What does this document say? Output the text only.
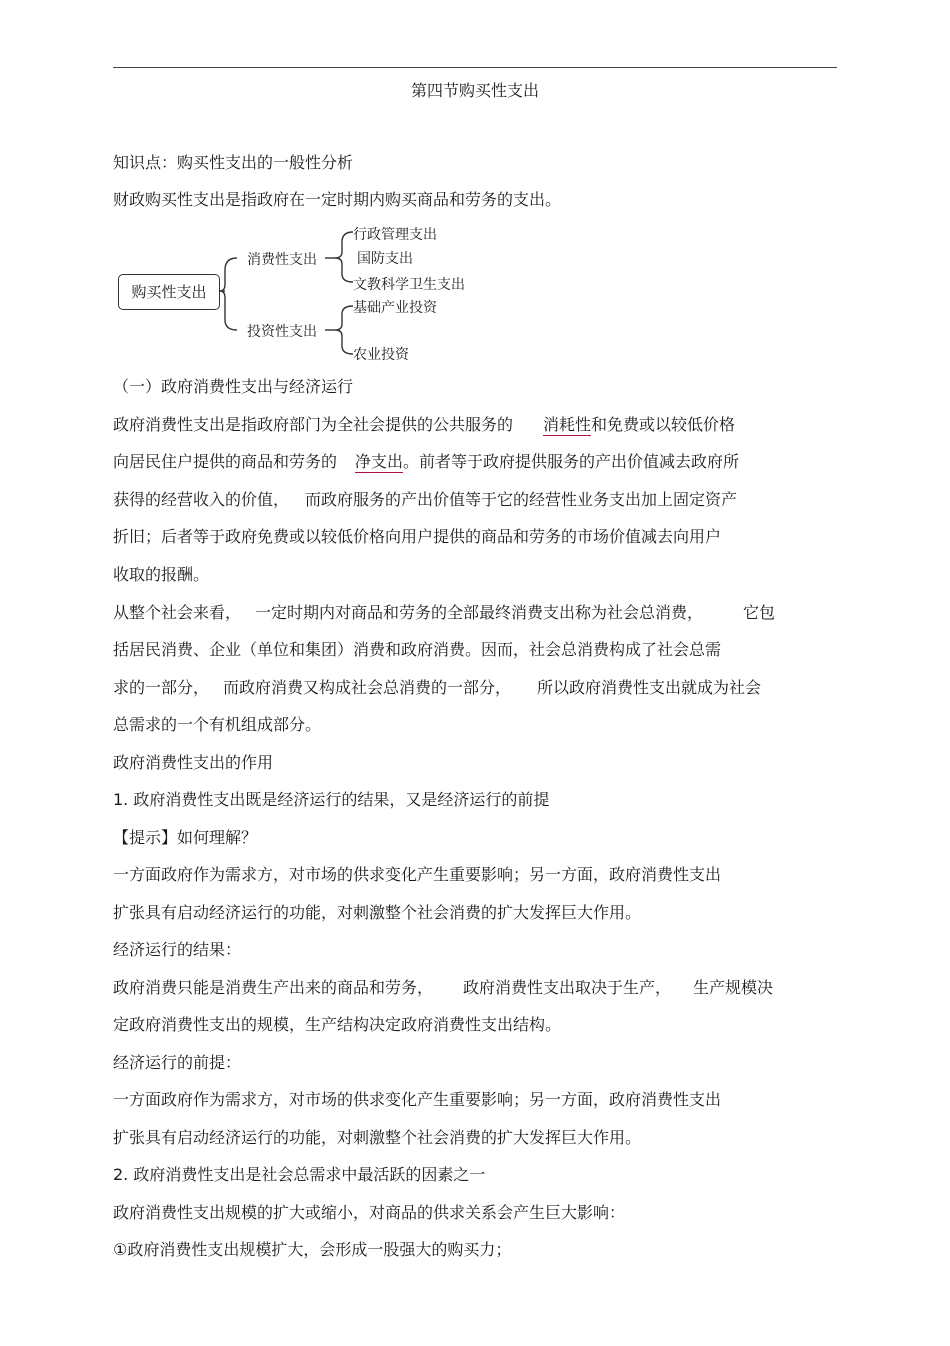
第四节购买性支出
知识点：购买性支出的一般性分析
财政购买性支出是指政府在一定时期内购买商品和劳务的支出。
购买性支出
消费性支出
行政管理支出
国防支出
文教科学卫生支出
投资性支出
基础产业投资
农业投资
（一）政府消费性支出与经济运行
政府消费性支出是指政府部门为全社会提供的公共服务的 消耗性和免费或以较低价格
向居民住户提供的商品和劳务的 净支出。前者等于政府提供服务的产出价值减去政府所
获得的经营收入的价值， 而政府服务的产出价值等于它的经营性业务支出加上固定资产
折旧；后者等于政府免费或以较低价格向用户提供的商品和劳务的市场价值减去向用户
收取的报酬。
从整个社会来看， 一定时期内对商品和劳务的全部最终消费支出称为社会总消费，	它包
括居民消费、企业（单位和集团）消费和政府消费。因而，社会总消费构成了社会总需
求的一部分， 而政府消费又构成社会总消费的一部分， 所以政府消费性支出就成为社会
总需求的一个有机组成部分。
政府消费性支出的作用
1. 政府消费性支出既是经济运行的结果，又是经济运行的前提
【提示】如何理解？
一方面政府作为需求方，对市场的供求变化产生重要影响；另一方面，政府消费性支出
扩张具有启动经济运行的功能，对刺激整个社会消费的扩大发挥巨大作用。
经济运行的结果：
政府消费只能是消费生产出来的商品和劳务， 政府消费性支出取决于生产， 生产规模决
定政府消费性支出的规模，生产结构决定政府消费性支出结构。
经济运行的前提：
一方面政府作为需求方，对市场的供求变化产生重要影响；另一方面，政府消费性支出
扩张具有启动经济运行的功能，对刺激整个社会消费的扩大发挥巨大作用。
2. 政府消费性支出是社会总需求中最活跃的因素之一
政府消费性支出规模的扩大或缩小，对商品的供求关系会产生巨大影响：
①政府消费性支出规模扩大，会形成一股强大的购买力；
